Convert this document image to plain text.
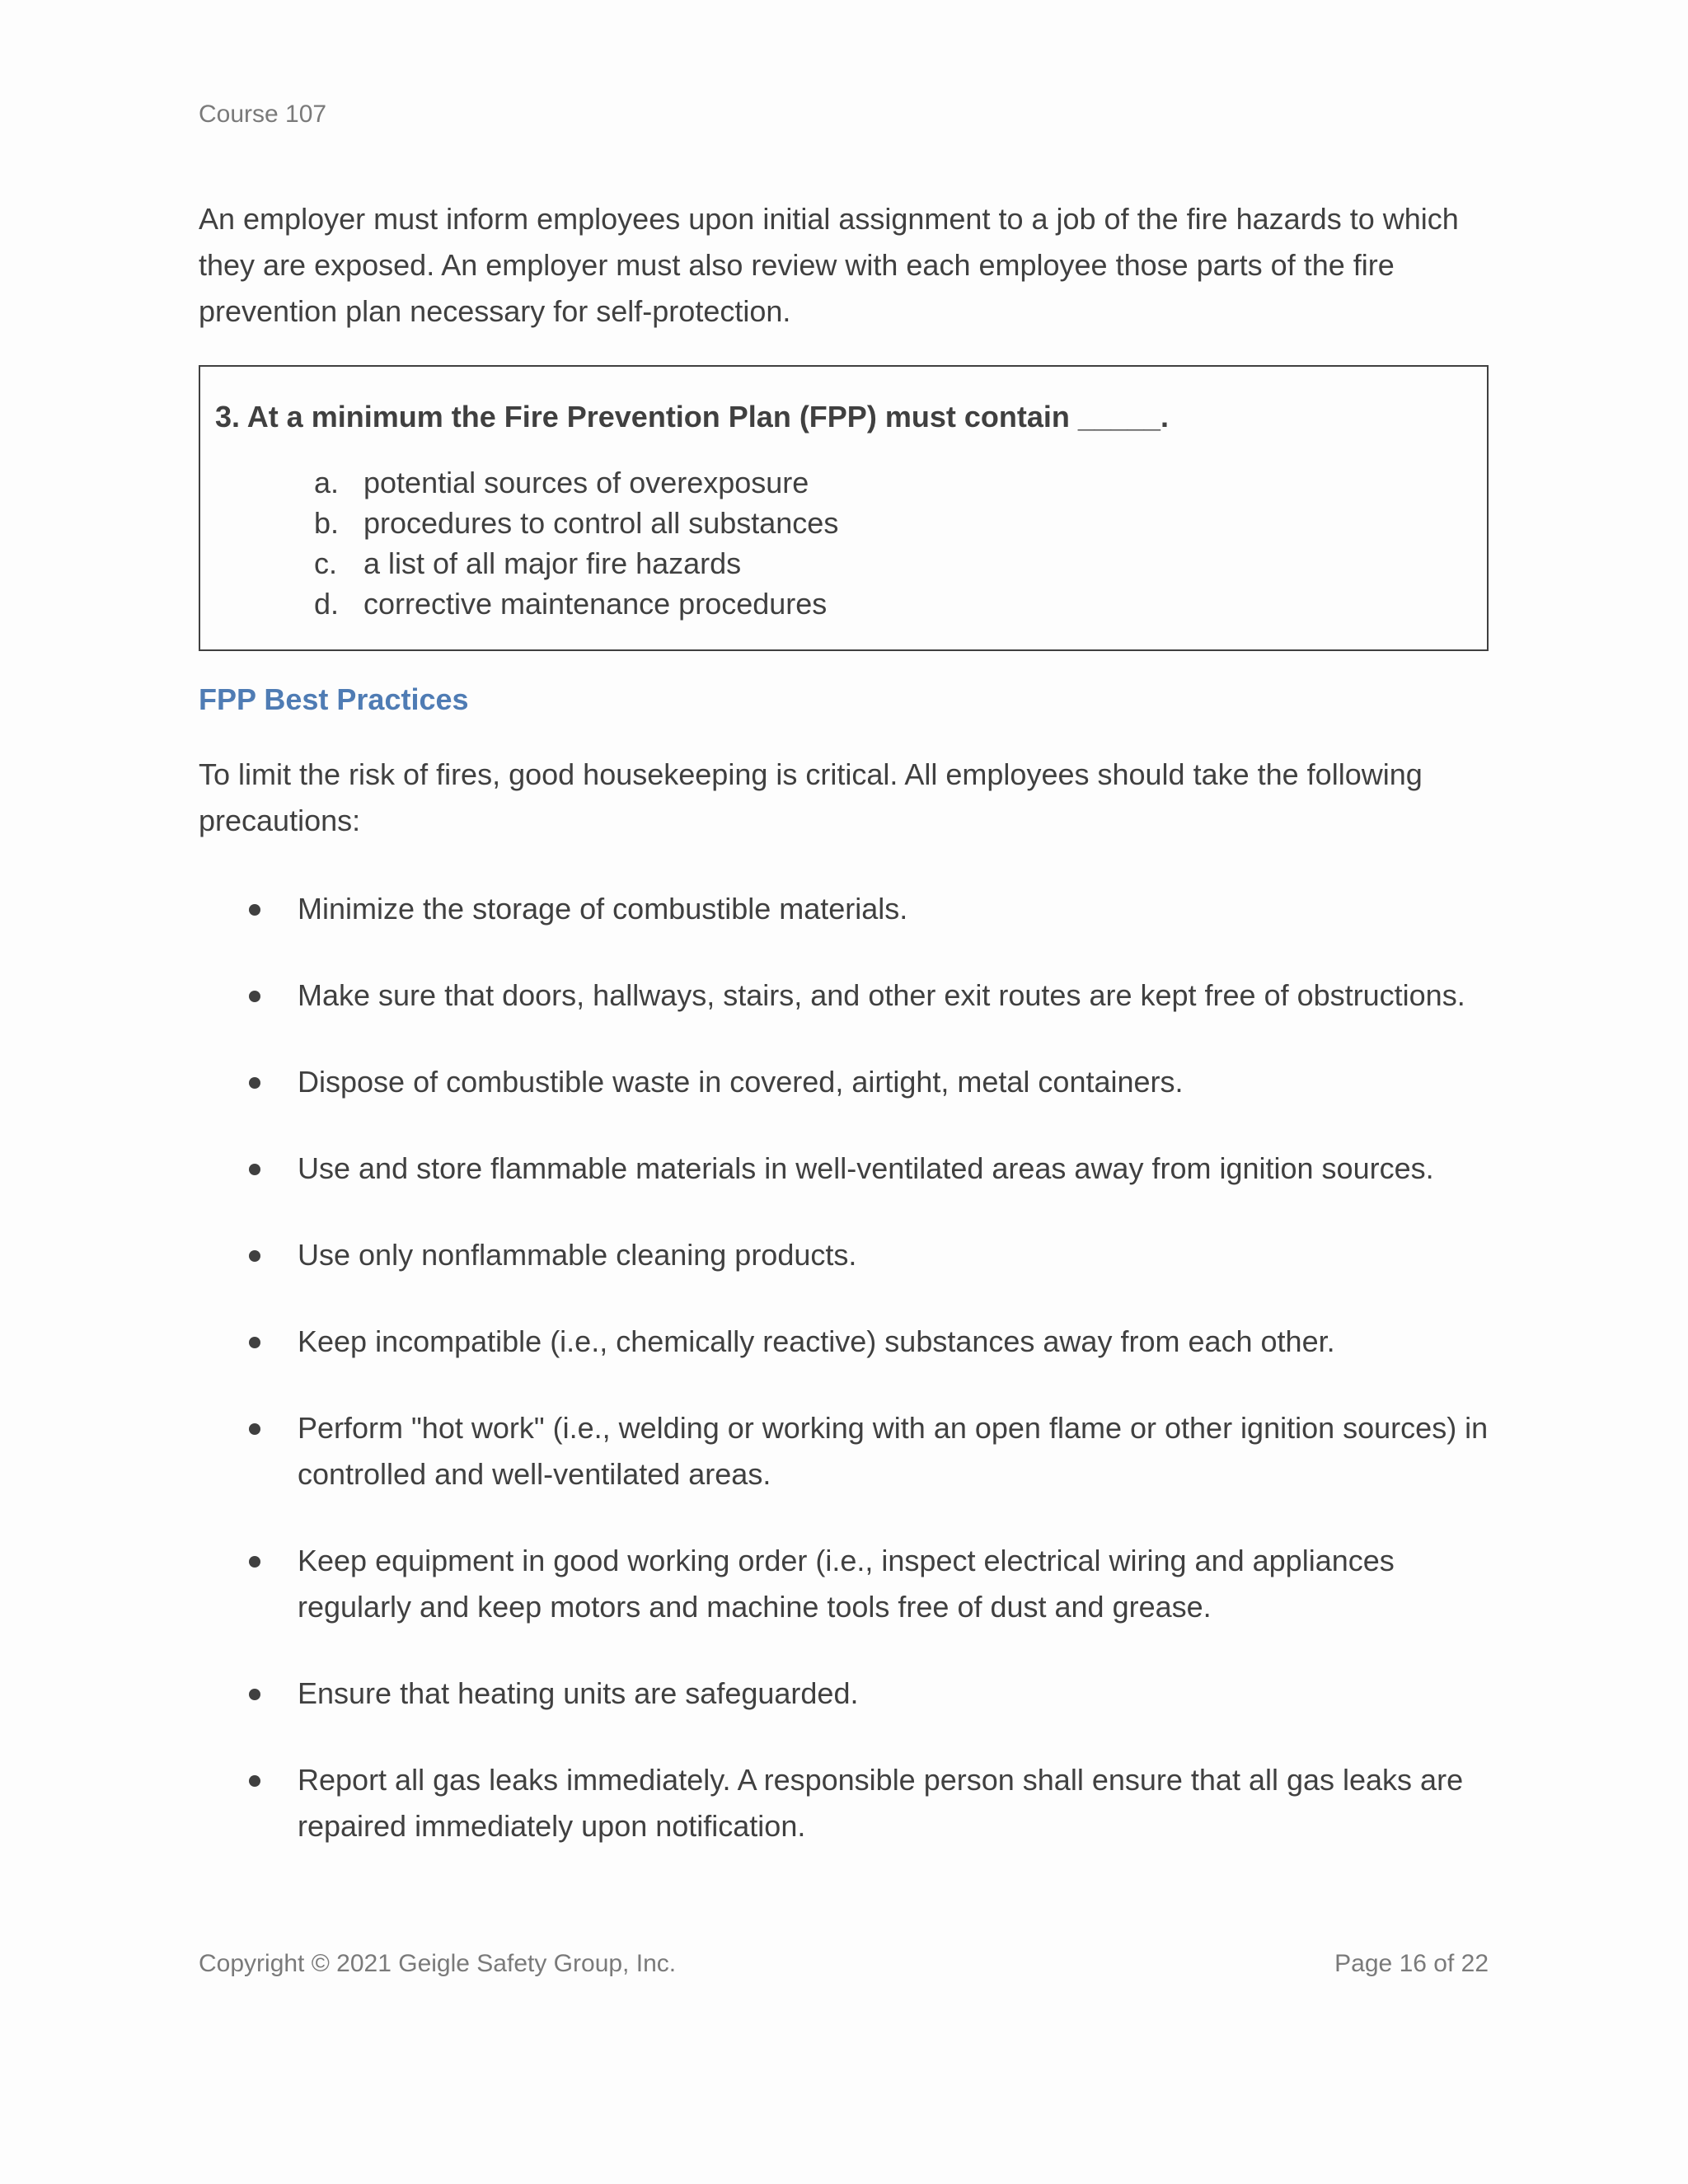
Course 107

An employer must inform employees upon initial assignment to a job of the fire hazards to which they are exposed. An employer must also review with each employee those parts of the fire prevention plan necessary for self-protection.

3. At a minimum the Fire Prevention Plan (FPP) must contain _____.

a. potential sources of overexposure
b. procedures to control all substances
c. a list of all major fire hazards
d. corrective maintenance procedures
FPP Best Practices

To limit the risk of fires, good housekeeping is critical. All employees should take the following precautions:

Minimize the storage of combustible materials.
Make sure that doors, hallways, stairs, and other exit routes are kept free of obstructions.
Dispose of combustible waste in covered, airtight, metal containers.
Use and store flammable materials in well-ventilated areas away from ignition sources.
Use only nonflammable cleaning products.
Keep incompatible (i.e., chemically reactive) substances away from each other.
Perform "hot work" (i.e., welding or working with an open flame or other ignition sources) in controlled and well-ventilated areas.
Keep equipment in good working order (i.e., inspect electrical wiring and appliances regularly and keep motors and machine tools free of dust and grease.
Ensure that heating units are safeguarded.
Report all gas leaks immediately. A responsible person shall ensure that all gas leaks are repaired immediately upon notification.
Copyright © 2021 Geigle Safety Group, Inc.	Page 16 of 22
